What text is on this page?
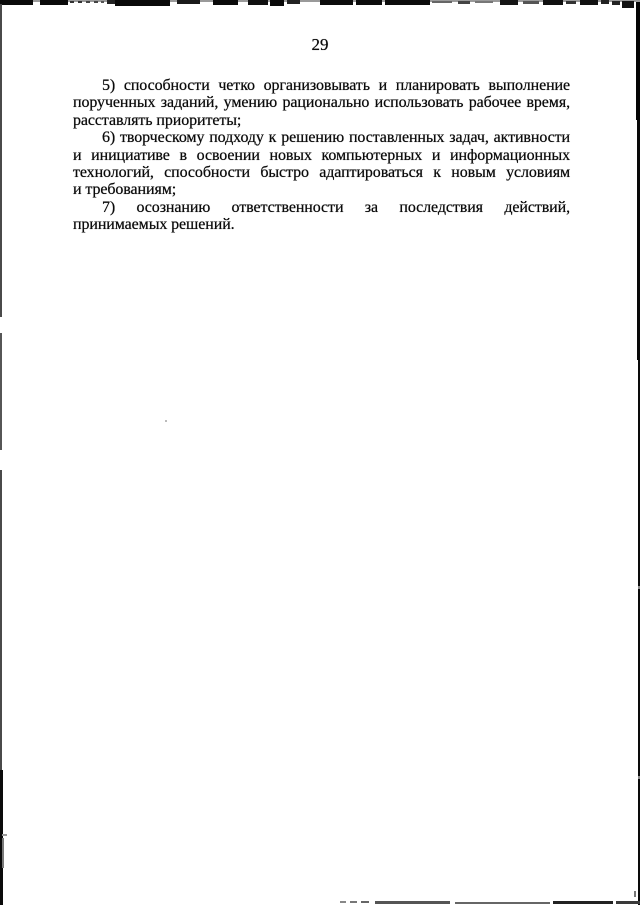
29
5) способности четко организовывать и планировать выполнение
порученных заданий, умению рационально использовать рабочее время,
расставлять приоритеты;
6) творческому подходу к решению поставленных задач, активности
и инициативе в освоении новых компьютерных и информационных
технологий, способности быстро адаптироваться к новым условиям
и требованиям;
7) осознанию ответственности за последствия действий,
принимаемых решений.
